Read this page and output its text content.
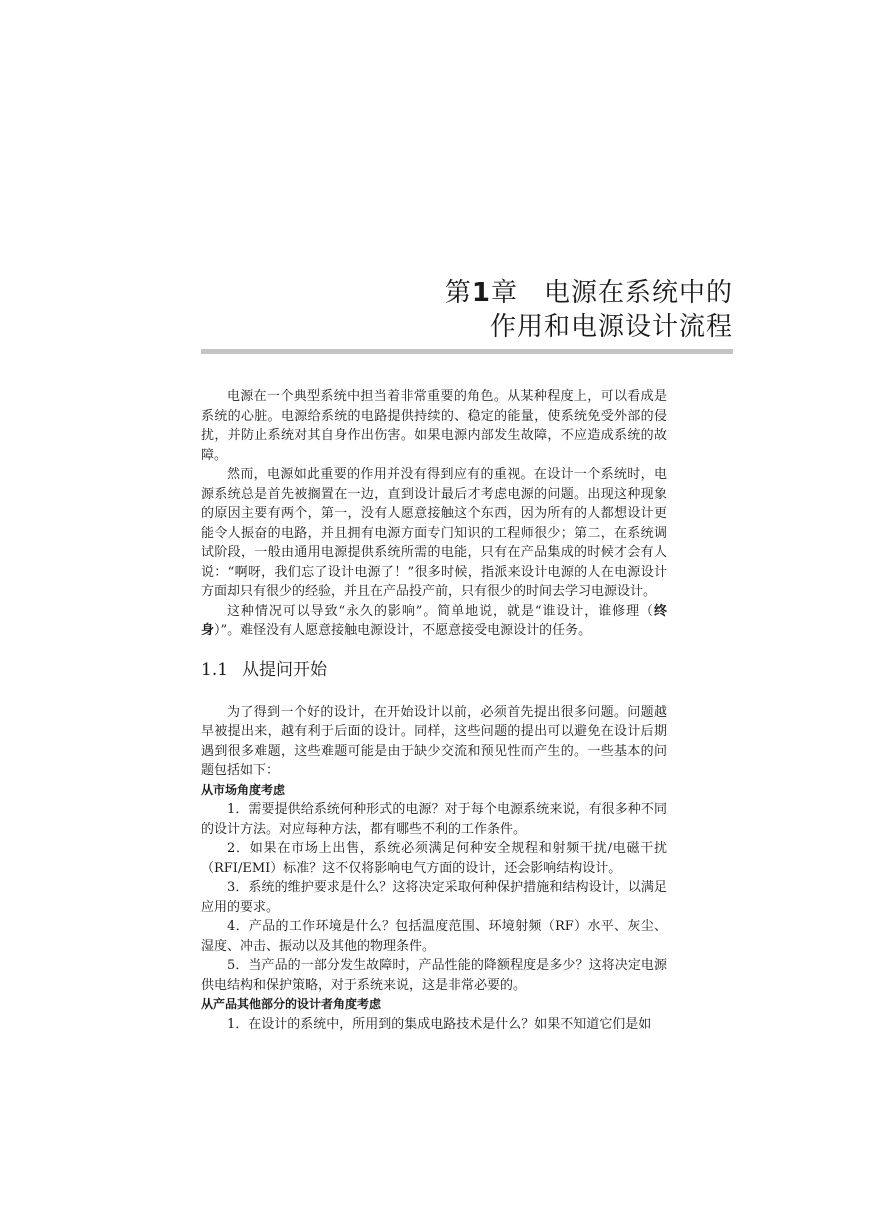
第1章 电源在系统中的
作用和电源设计流程

电源在一个典型系统中担当着非常重要的角色。从某种程度上，可以看成是系统的心脏。电源给系统的电路提供持续的、稳定的能量，使系统免受外部的侵扰，并防止系统对其自身作出伤害。如果电源内部发生故障，不应造成系统的故障。

然而，电源如此重要的作用并没有得到应有的重视。在设计一个系统时，电源系统总是首先被搁置在一边，直到设计最后才考虑电源的问题。出现这种现象的原因主要有两个，第一，没有人愿意接触这个东西，因为所有的人都想设计更能令人振奋的电路，并且拥有电源方面专门知识的工程师很少；第二，在系统调试阶段，一般由通用电源提供系统所需的电能，只有在产品集成的时候才会有人说：“啊呀，我们忘了设计电源了！”很多时候，指派来设计电源的人在电源设计方面却只有很少的经验，并且在产品投产前，只有很少的时间去学习电源设计。

这种情况可以导致“永久的影响”。简单地说，就是“谁设计，谁修理（终身）”。难怪没有人愿意接触电源设计，不愿意接受电源设计的任务。

1.1 从提问开始

为了得到一个好的设计，在开始设计以前，必须首先提出很多问题。问题越早被提出来，越有利于后面的设计。同样，这些问题的提出可以避免在设计后期遇到很多难题，这些难题可能是由于缺少交流和预见性而产生的。一些基本的问题包括如下：

从市场角度考虑

1．需要提供给系统何种形式的电源？对于每个电源系统来说，有很多种不同的设计方法。对应每种方法，都有哪些不利的工作条件。

2．如果在市场上出售，系统必须满足何种安全规程和射频干扰/电磁干扰（RFI/EMI）标准？这不仅将影响电气方面的设计，还会影响结构设计。

3．系统的维护要求是什么？这将决定采取何种保护措施和结构设计，以满足应用的要求。

4．产品的工作环境是什么？包括温度范围、环境射频（RF）水平、灰尘、湿度、冲击、振动以及其他的物理条件。

5．当产品的一部分发生故障时，产品性能的降额程度是多少？这将决定电源供电结构和保护策略，对于系统来说，这是非常必要的。

从产品其他部分的设计者角度考虑

1．在设计的系统中，所用到的集成电路技术是什么？如果不知道它们是如
